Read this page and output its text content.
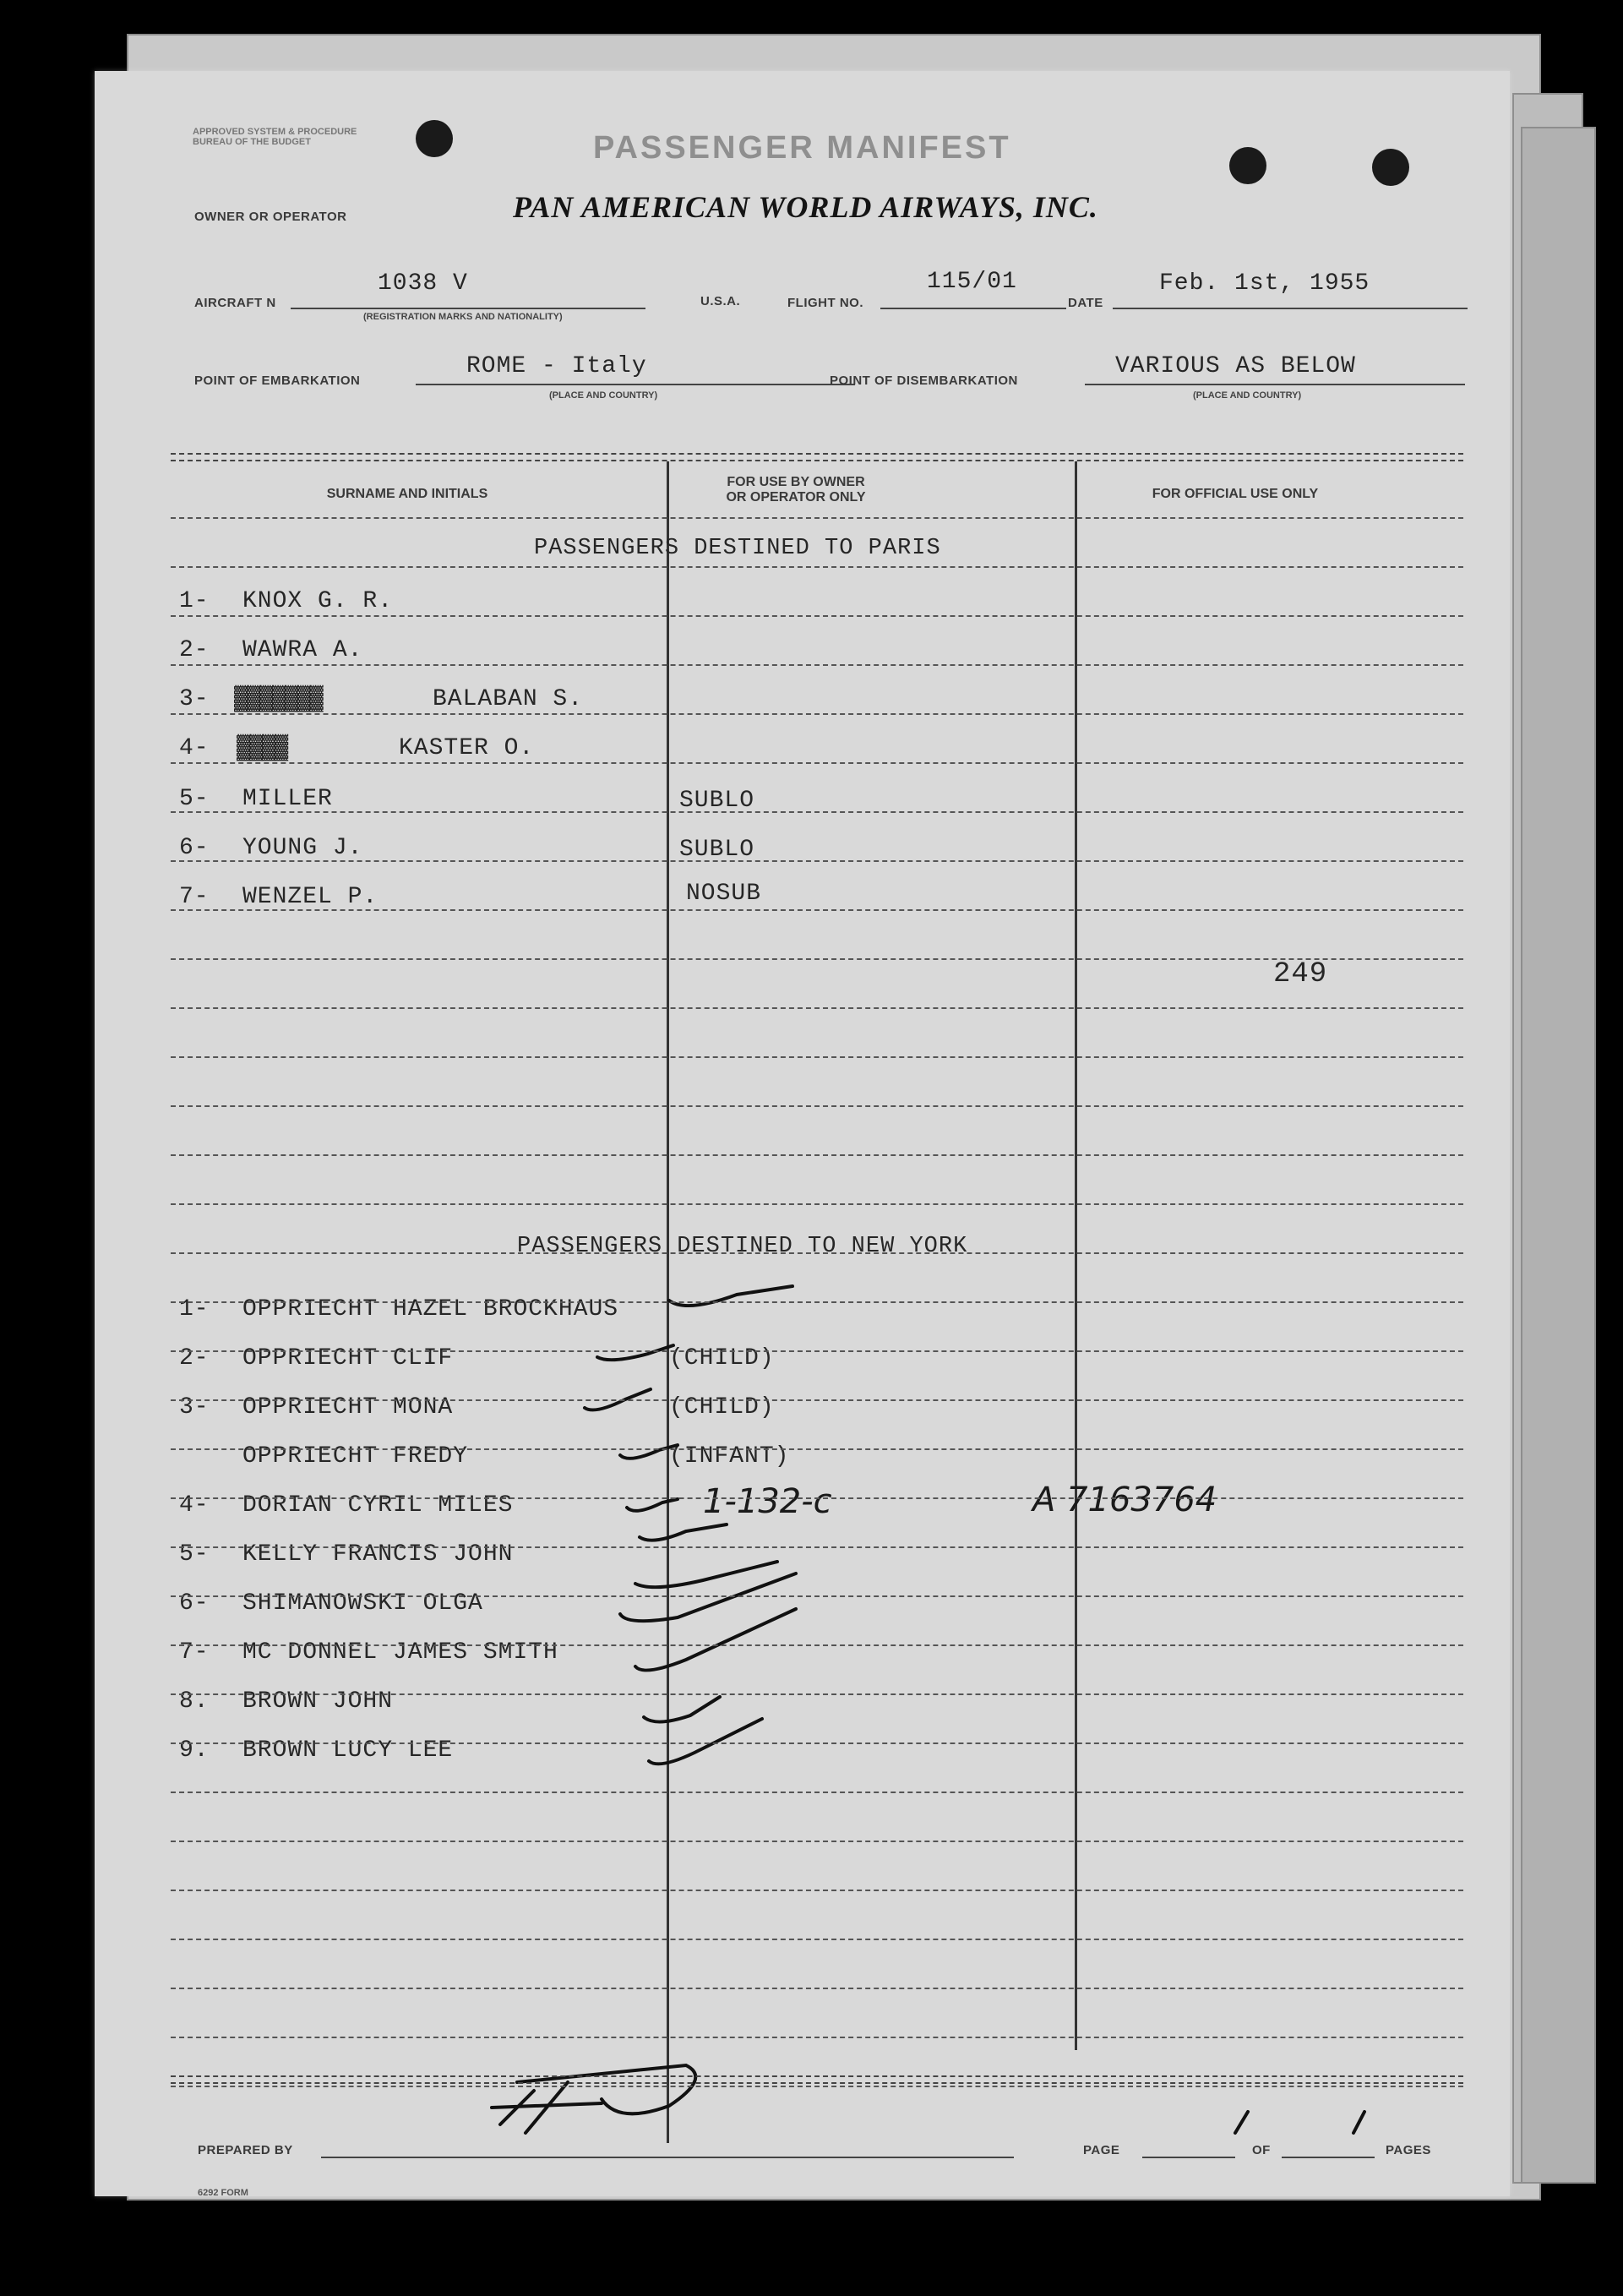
APPROVED SYSTEM & PROCEDURE BUREAU OF THE BUDGET	PASSENGER MANIFEST
OWNER OR OPERATOR	PAN AMERICAN WORLD AIRWAYS, INC.
AIRCRAFT N
1038 V
(REGISTRATION MARKS AND NATIONALITY)
U.S.A.	FLIGHT NO.
115/01
DATE
Feb. 1st, 1955
POINT OF EMBARKATION
ROME - Italy
(PLACE AND COUNTRY)
POINT OF DISEMBARKATION
VARIOUS AS BELOW
(PLACE AND COUNTRY)
SURNAME AND INITIALS
FOR USE BY OWNER
OR OPERATOR ONLY	FOR OFFICIAL USE ONLY
PASSENGERS DESTINED TO PARIS
1- KNOX G. R.
2- WAWRA A.
3- ▓▓▓▓▓▓▓	BALABAN S.
4- ▓▓▓▓	KASTER O.
5- MILLER	SUBLO
6- YOUNG J.	SUBLO
7- WENZEL P.	NOSUB
249
PASSENGERS DESTINED TO NEW YORK
1- OPPRIECHT HAZEL BROCKHAUS
2- OPPRIECHT CLIF	(CHILD)
3- OPPRIECHT MONA	(CHILD)
OPPRIECHT FREDY	(INFANT)
4- DORIAN CYRIL MILES	1-132-c	A 7163764
5- KELLY FRANCIS JOHN
6- SHIMANOWSKI OLGA
7- MC DONNEL JAMES SMITH
8. BROWN JOHN
9. BROWN LUCY LEE
PREPARED BY	PAGE	OF	PAGES
6292 FORM
